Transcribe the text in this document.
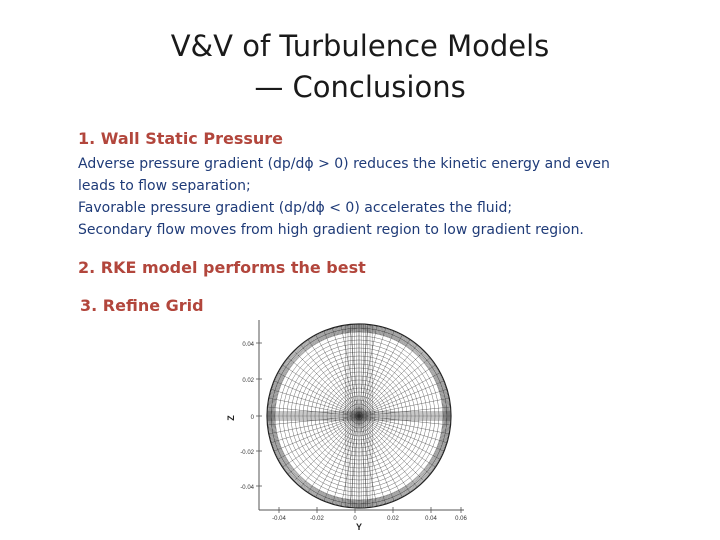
V&V of Turbulence Models
— Conclusions
1. Wall Static Pressure
Adverse pressure gradient (dp/dϕ > 0) reduces the kinetic energy and even
leads to flow separation;
Favorable pressure gradient (dp/dϕ < 0) accelerates the fluid;
Secondary flow moves from high gradient region to low gradient region.
2. RKE model performs the best
3. Refine Grid
0.04
0.02
0
-0.02
-0.04
-0.04	-0.02	0	0.02	0.04	0.06
Z
Y
